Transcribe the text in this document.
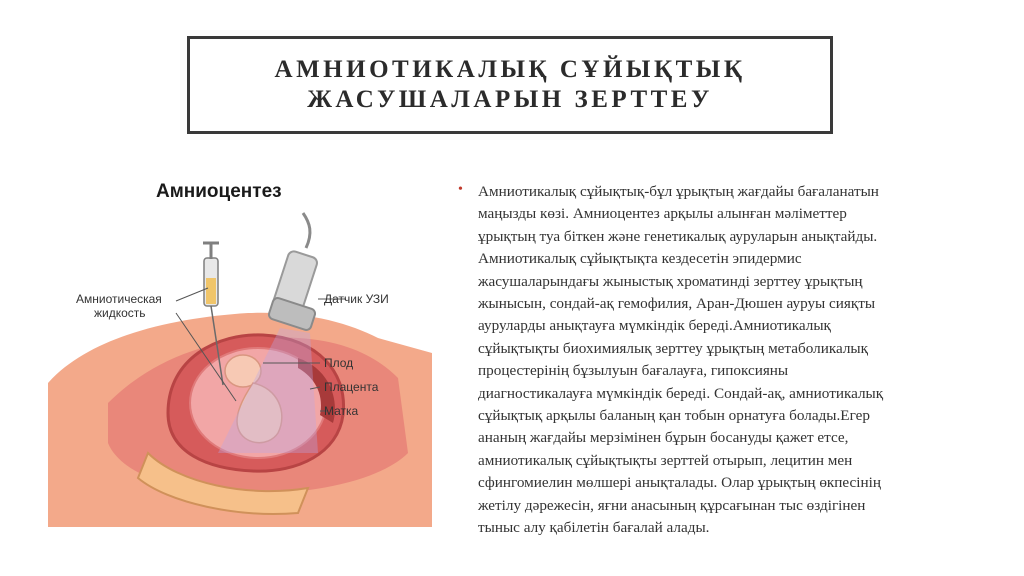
АМНИОТИКАЛЫҚ СҰЙЫҚТЫҚ
ЖАСУШАЛАРЫН ЗЕРТТЕУ
Амниоцентез
Амниотическая
жидкость
Датчик УЗИ
Плод
Плацента
Матка
• Амниотикалық сұйықтық-бұл ұрықтың жағдайы бағаланатын
маңызды көзі. Амниоцентез арқылы алынған мәліметтер
ұрықтың туа біткен және генетикалық ауруларын анықтайды.
Амниотикалық сұйықтықта кездесетін эпидермис
жасушаларындағы жыныстық хроматинді зерттеу ұрықтың
жынысын, сондай-ақ гемофилия, Аран-Дюшен ауруы сияқты
ауруларды анықтауға мүмкіндік береді.Амниотикалық
сұйықтықты биохимиялық зерттеу ұрықтың метаболикалық
процестерінің бұзылуын бағалауға, гипоксияны
диагностикалауға мүмкіндік береді. Сондай-ақ, амниотикалық
сұйықтық арқылы баланың қан тобын орнатуға болады.Егер
ананың жағдайы мерзімінен бұрын босануды қажет етсе,
амниотикалық сұйықтықты зерттей отырып, лецитин мен
сфингомиелин мөлшері анықталады. Олар ұрықтың өкпесінің
жетілу дәрежесін, яғни анасының құрсағынан тыс өздігінен
тыныс алу қабілетін бағалай алады.
